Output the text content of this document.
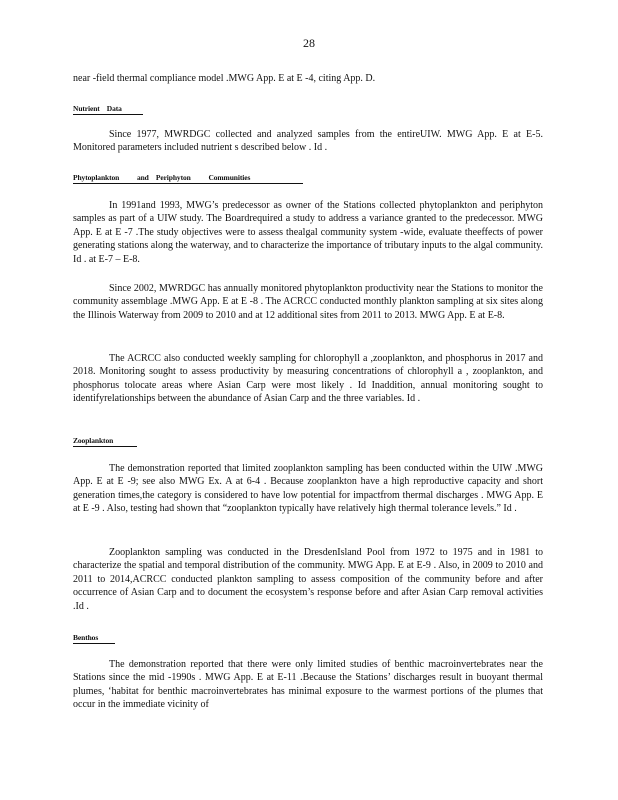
28

near -field thermal compliance model .MWG App. E at E -4, citing App. D.

Nutrient    Data

Since 1977, MWRDGC collected and analyzed samples from the entireUIW. MWG App. E at E-5. Monitored parameters included nutrient s described below . Id .

Phytoplankton          and    Periphyton          Communities

In 1991and 1993, MWG’s predecessor as owner of the Stations collected phytoplankton and periphyton samples as part of a UIW study. The Boardrequired a study to address a variance granted to the predecessor. MWG App. E at E -7 .The study objectives were to assess thealgal community system -wide, evaluate theeffects of power generating stations along the waterway, and to characterize the importance of tributary inputs to the algal community. Id . at E-7 – E-8.

Since 2002, MWRDGC has annually monitored phytoplankton productivity near the Stations to monitor the community assemblage .MWG App. E at E -8 . The ACRCC conducted monthly plankton sampling at six sites along the Illinois Waterway from 2009 to 2010 and at 12 additional sites from 2011 to 2013. MWG App. E at E-8.

The ACRCC also conducted weekly sampling for chlorophyll a ,zooplankton, and phosphorus in 2017 and 2018. Monitoring sought to assess productivity by measuring concentrations of chlorophyll a , zooplankton, and phosphorus tolocate areas where Asian Carp were most likely . Id Inaddition, annual monitoring sought to identifyrelationships between the abundance of Asian Carp and the three variables. Id .

Zooplankton

The demonstration reported that limited zooplankton sampling has been conducted within the UIW .MWG App. E at E -9; see also MWG Ex. A at 6-4 . Because zooplankton have a high reproductive capacity and short generation times,the category is considered to have low potential for impactfrom thermal discharges . MWG App. E at E -9 . Also, testing had shown that “zooplankton typically have relatively high thermal tolerance levels.” Id .

Zooplankton sampling was conducted in the DresdenIsland Pool from 1972 to 1975 and in 1981 to characterize the spatial and temporal distribution of the community. MWG App. E at E-9 . Also, in 2009 to 2010 and 2011 to 2014,ACRCC conducted plankton sampling to assess composition of the community before and after occurrence of Asian Carp and to document the ecosystem’s response before and after Asian Carp removal activities .Id .

Benthos

The demonstration reported that there were only limited studies of benthic macroinvertebrates near the Stations since the mid -1990s . MWG App. E at E-11 .Because the Stations’ discharges result in buoyant thermal plumes, ‘habitat for benthic macroinvertebrates has minimal exposure to the warmest portions of the plumes that occur in the immediate vicinity of
